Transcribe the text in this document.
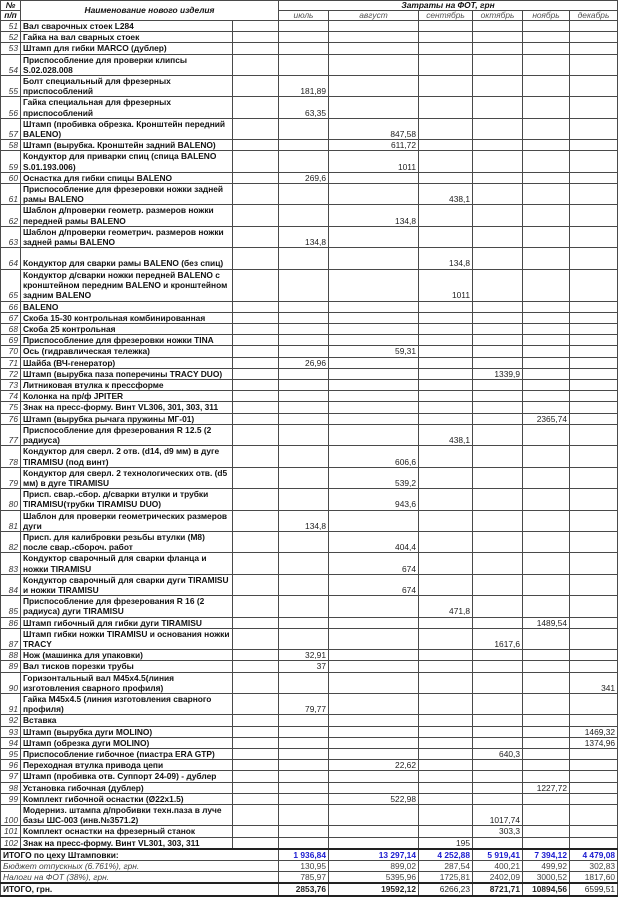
№	Наименование нового изделия		Затраты на ФОТ, грн					
п/п			июль	август	сентябрь	октябрь	ноябрь	декабрь
51	Вал сварочных стоек L284							
52	Гайка на вал сварных стоек							
53	Штамп для гибки MARCO (дублер)							
54	Приспособление для проверки клипсы S.02.028.008							
55	Болт специальный для фрезерных приспособлений		181,89					
56	Гайка специальная для фрезерных приспособлений		63,35					
57	Штамп (пробивка обрезка. Кронштейн передний BALENO)			847,58				
58	Штамп (вырубка. Кронштейн задний BALENO)			611,72				
59	Кондуктор для приварки спиц (спица BALENO S.01.193.006)			1011				
60	Оснастка для гибки спицы BALENO		269,6					
61	Приспособление для фрезеровки ножки задней рамы BALENO				438,1			
62	Шаблон д/проверки геометр. размеров ножки передней рамы BALENO			134,8				
63	Шаблон д/проверки геометрич. размеров ножки задней рамы BALENO		134,8					
64	Кондуктор для сварки рамы BALENO (без спиц)				134,8			
65	Кондуктор д/сварки ножки передней BALENO с кронштейном передним BALENO и кронштейном задним BALENO				1011			
66	BALENO							
67	Скоба 15-30 контрольная комбинированная							
68	Скоба 25 контрольная							
69	Приспособление для фрезеровки ножки TINA							
70	Ось (гидравлическая тележка)			59,31				
71	Шайба (ВЧ-генератор)		26,96					
72	Штамп (вырубка паза поперечины TRACY DUO)					1339,9		
73	Литниковая втулка к прессформе							
74	Колонка на пр/ф JPITER							
75	Знак на пресс-форму. Винт VL306, 301, 303, 311							
76	Штамп (вырубка рычага пружины МГ-01)						2365,74	
77	Приспособление для фрезерования R 12.5 (2 радиуса)				438,1			
78	Кондуктор для сверл. 2 отв. (d14, d9 мм) в дуге TIRAMISU (под винт)			606,6				
79	Кондуктор для сверл. 2 технологических отв. (d5 мм) в дуге TIRAMISU			539,2				
80	Присп. свар.-сбор. д/сварки втулки и трубки TIRAMISU(трубки TIRAMISU DUO)			943,6				
81	Шаблон для проверки геометрических размеров дуги		134,8					
82	Присп. для калибровки резьбы втулки (М8) после свар.-сбороч. работ			404,4				
83	Кондуктор сварочный для сварки фланца и ножки TIRAMISU			674				
84	Кондуктор сварочный для сварки дуги TIRAMISU и ножки TIRAMISU			674				
85	Приспособление для фрезерования R 16 (2 радиуса) дуги TIRAMISU				471,8			
86	Штамп гибочный для гибки дуги TIRAMISU						1489,54	
87	Штамп гибки ножки TIRAMISU и основания ножки TRACY					1617,6		
88	Нож (машинка для упаковки)		32,91					
89	Вал тисков порезки трубы		37					
90	Горизонтальный вал М45х4.5(линия изготовления сварного профиля)							341
91	Гайка М45х4.5 (линия изготовления сварного профиля)		79,77					
92	Вставка							
93	Штамп (вырубка дуги MOLINO)							1469,32
94	Штамп (обрезка дуги MOLINO)							1374,96
95	Приспособление гибочное (пиастра ERA GTP)					640,3		
96	Переходная втулка привода цепи			22,62				
97	Штамп (пробивка отв. Суппорт 24-09) - дублер							
98	Установка гибочная (дублер)						1227,72	
99	Комплект гибочной оснастки (Ø22х1.5)			522,98				
100	Модерниз. штампа д/пробивки техн.паза в луче базы ШС-003 (инв.№3571.2)					1017,74		
101	Комплект оснастки на фрезерный станок					303,3		
102	Знак на пресс-форму. Винт VL301, 303, 311				195			
ИТОГО по цеху Штамповки:			1 936,84	13 297,14	4 252,88	5 919,41	7 394,12	4 479,08
Бюджет отпускных (6.761%), грн.			130,95	899,02	287,54	400,21	499,92	302,83
Налоги на ФОТ (38%), грн.			785,97	5395,96	1725,81	2402,09	3000,52	1817,60
ИТОГО, грн.			2853,76	19592,12	6266,23	8721,71	10894,56	6599,51
